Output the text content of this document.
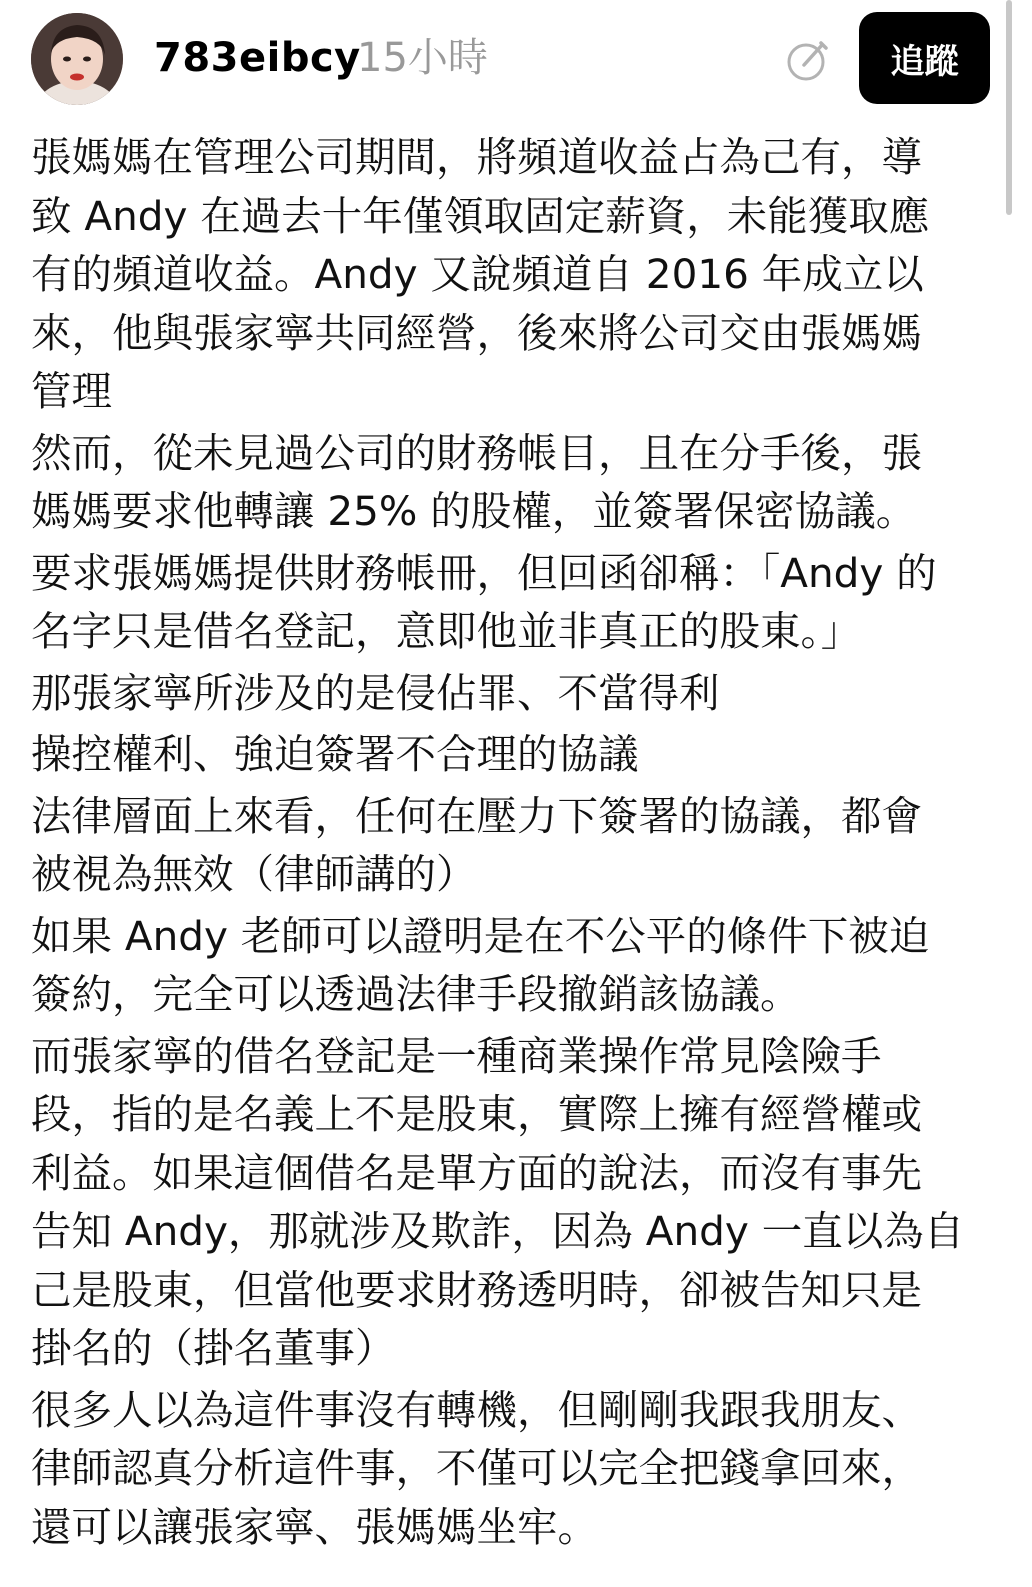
783eibcy
15小時	追蹤
張媽媽在管理公司期間，將頻道收益占為己有，導
致 Andy 在過去十年僅領取固定薪資，未能獲取應
有的頻道收益。Andy 又說頻道自 2016 年成立以
來，他與張家寧共同經營，後來將公司交由張媽媽
管理
然而，從未見過公司的財務帳目，且在分手後，張
媽媽要求他轉讓 25% 的股權，並簽署保密協議。
要求張媽媽提供財務帳冊，但回函卻稱：「Andy 的
名字只是借名登記，意即他並非真正的股東。」
那張家寧所涉及的是侵佔罪、不當得利
操控權利、強迫簽署不合理的協議
法律層面上來看，任何在壓力下簽署的協議，都會
被視為無效（律師講的）
如果 Andy 老師可以證明是在不公平的條件下被迫
簽約，完全可以透過法律手段撤銷該協議。
而張家寧的借名登記是一種商業操作常見陰險手
段，指的是名義上不是股東，實際上擁有經營權或
利益。如果這個借名是單方面的說法，而沒有事先
告知 Andy，那就涉及欺詐，因為 Andy 一直以為自
己是股東，但當他要求財務透明時，卻被告知只是
掛名的（掛名董事）
很多人以為這件事沒有轉機，但剛剛我跟我朋友、
律師認真分析這件事，不僅可以完全把錢拿回來，
還可以讓張家寧、張媽媽坐牢。
